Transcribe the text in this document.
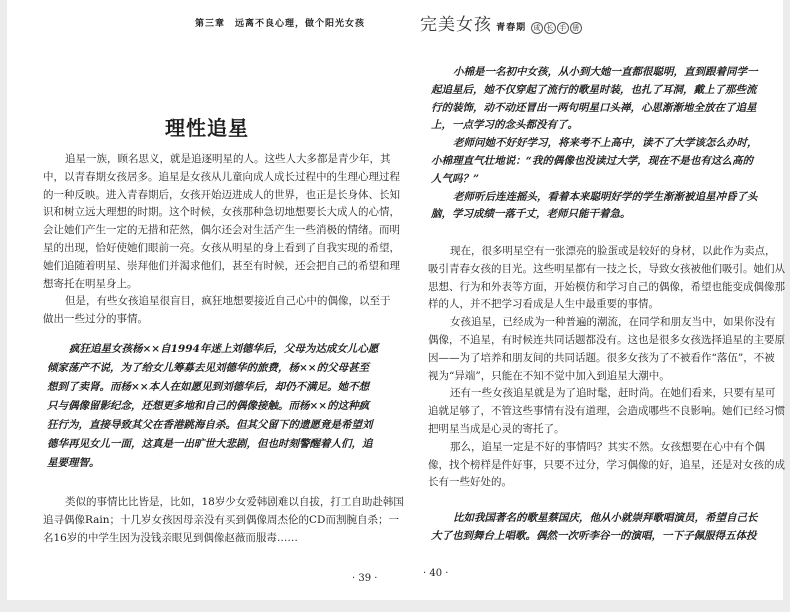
第三章　远离不良心理，做个阳光女孩
理性追星
完美女孩 青春期 成 长 手 册
追星一族，顾名思义，就是追逐明星的人。这些人大多都是青少年，其
中，以青春期女孩居多。追星是女孩从儿童向成人成长过程中的生理心理过程
的一种反映。进入青春期后，女孩开始迈进成人的世界，也正是长身体、长知
识和树立远大理想的时期。这个时候，女孩那种急切地想要长大成人的心情，
会让她们产生一定的无措和茫然，偶尔还会对生活产生一些消极的情绪。而明
星的出现，恰好使她们眼前一亮。女孩从明星的身上看到了自我实现的希望，
她们追随着明星、崇拜他们并渴求他们，甚至有时候，还会把自己的希望和理
想寄托在明星身上。
但是，有些女孩追星很盲目，疯狂地想要接近自己心中的偶像，以至于
做出一些过分的事情。
疯狂追星女孩杨××自1994年迷上刘德华后，父母为达成女儿心愿
倾家荡产不说，为了给女儿筹募去见刘德华的旅费，杨××的父母甚至
想到了卖肾。而杨××本人在如愿见到刘德华后，却仍不满足。她不想
只与偶像留影纪念，还想更多地和自己的偶像接触。而杨××的这种疯
狂行为，直接导致其父在香港跳海自杀。但其父留下的遗愿竟是希望刘
德华再见女儿一面，这真是一出旷世大悲剧，但也时刻警醒着人们，追
星要理智。
类似的事情比比皆是，比如，18岁少女爱韩剧难以自拔，打工自助赴韩国
追寻偶像Rain；十几岁女孩因母亲没有买到偶像周杰伦的CD而割腕自杀；一
名16岁的中学生因为没钱亲眼见到偶像赵薇而服毒……
小棉是一名初中女孩，从小到大她一直都很聪明，直到跟着同学一
起追星后，她不仅穿起了流行的歌星时装，也扎了耳洞，戴上了那些流
行的装饰，动不动还冒出一两句明星口头禅，心思渐渐地全放在了追星
上，一点学习的念头都没有了。
老师问她不好好学习，将来考不上高中，读不了大学该怎么办时，
小棉理直气壮地说：“我的偶像也没读过大学，现在不是也有这么高的
人气吗？”
老师听后连连摇头，看着本来聪明好学的学生渐渐被追星冲昏了头
脑，学习成绩一落千丈，老师只能干着急。
现在，很多明星空有一张漂亮的脸蛋或是较好的身材，以此作为卖点，
吸引青春女孩的目光。这些明星都有一技之长，导致女孩被他们吸引。她们从
思想、行为和外表等方面，开始模仿和学习自己的偶像，希望也能变成偶像那
样的人，并不把学习看成是人生中最重要的事情。
女孩追星，已经成为一种普遍的潮流，在同学和朋友当中，如果你没有
偶像，不追星，有时候连共同话题都没有。这也是很多女孩选择追星的主要原
因——为了培养和朋友间的共同话题。很多女孩为了不被看作“落伍”，不被
视为“异端”，只能在不知不觉中加入到追星大潮中。
还有一些女孩追星就是为了追时髦，赶时尚。在她们看来，只要有星可
追就足够了，不管这些事情有没有道理，会造成哪些不良影响。她们已经习惯
把明星当成是心灵的寄托了。
那么，追星一定是不好的事情吗？其实不然。女孩想要在心中有个偶
像，找个榜样是件好事，只要不过分，学习偶像的好，追星，还是对女孩的成
长有一些好处的。
比如我国著名的歌星蔡国庆，他从小就崇拜歌唱演员，希望自己长
大了也到舞台上唱歌。偶然一次听李谷一的演唱，一下子佩服得五体投
· 39 ·	· 40 ·
